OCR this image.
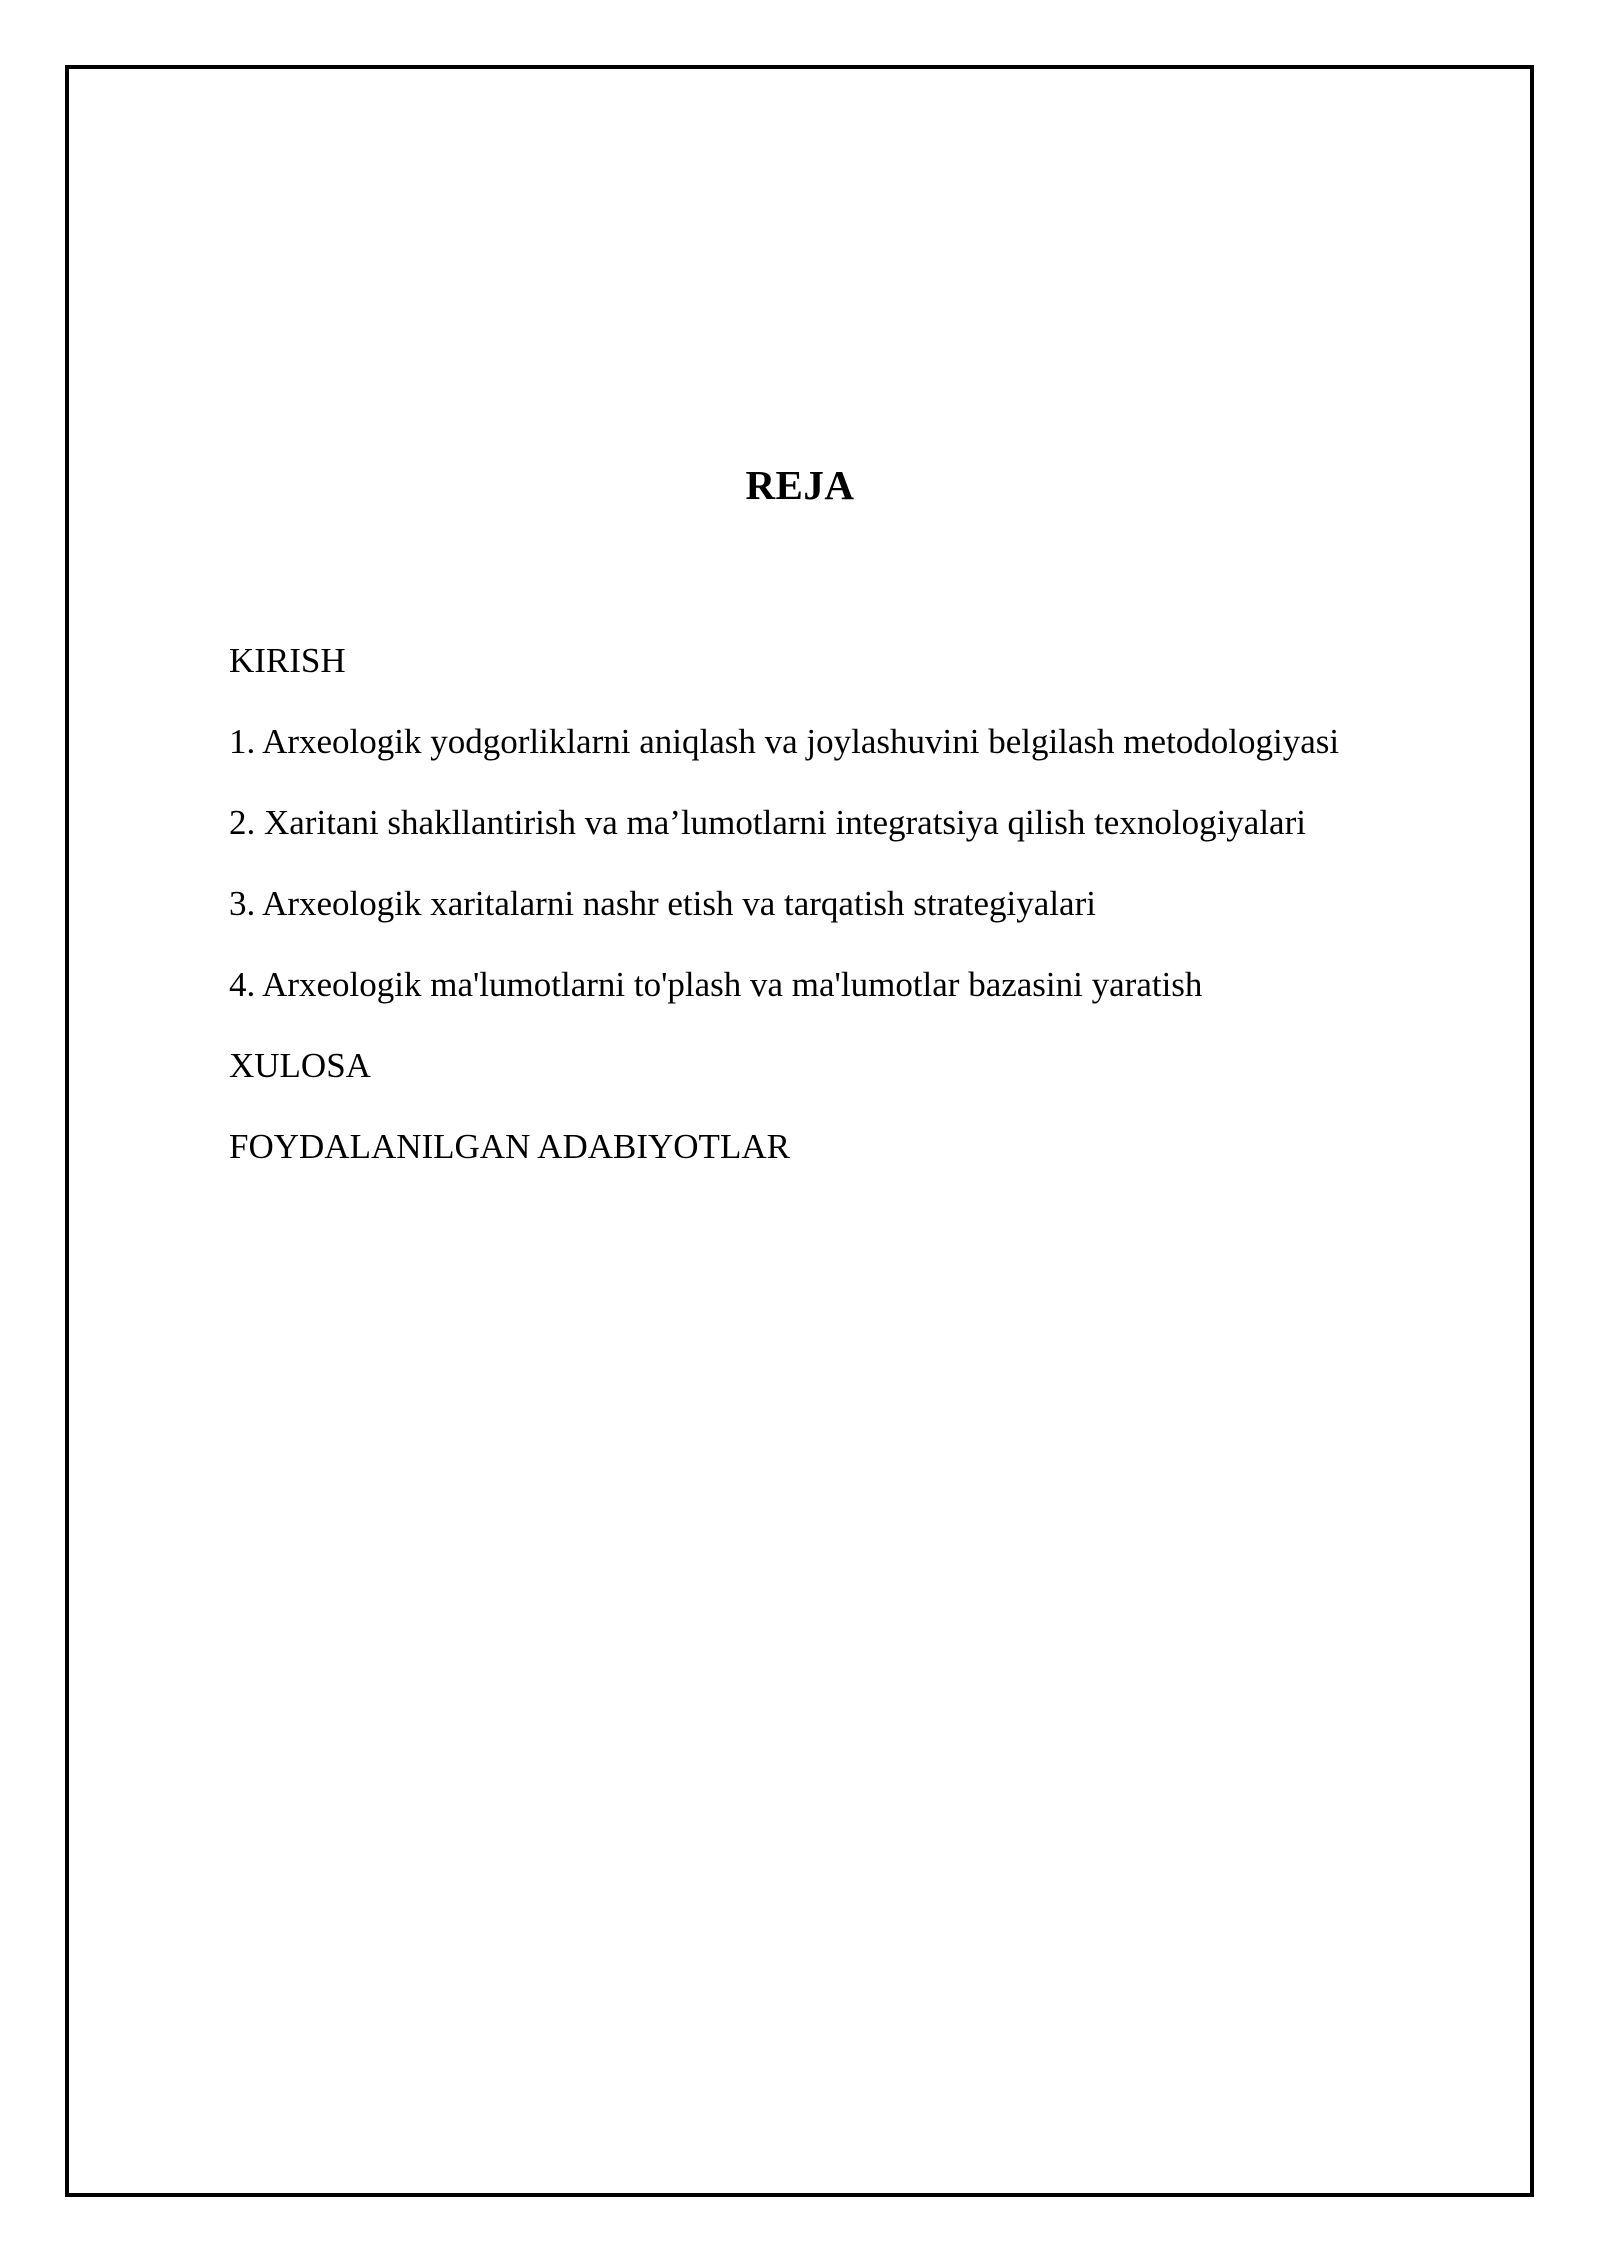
REJA
KIRISH
1. Arxeologik yodgorliklarni aniqlash va joylashuvini belgilash metodologiyasi
2. Xaritani shakllantirish va ma’lumotlarni integratsiya qilish texnologiyalari
3. Arxeologik xaritalarni nashr etish va tarqatish strategiyalari
4. Arxeologik ma'lumotlarni to'plash va ma'lumotlar bazasini yaratish
XULOSA
FOYDALANILGAN ADABIYOTLAR
